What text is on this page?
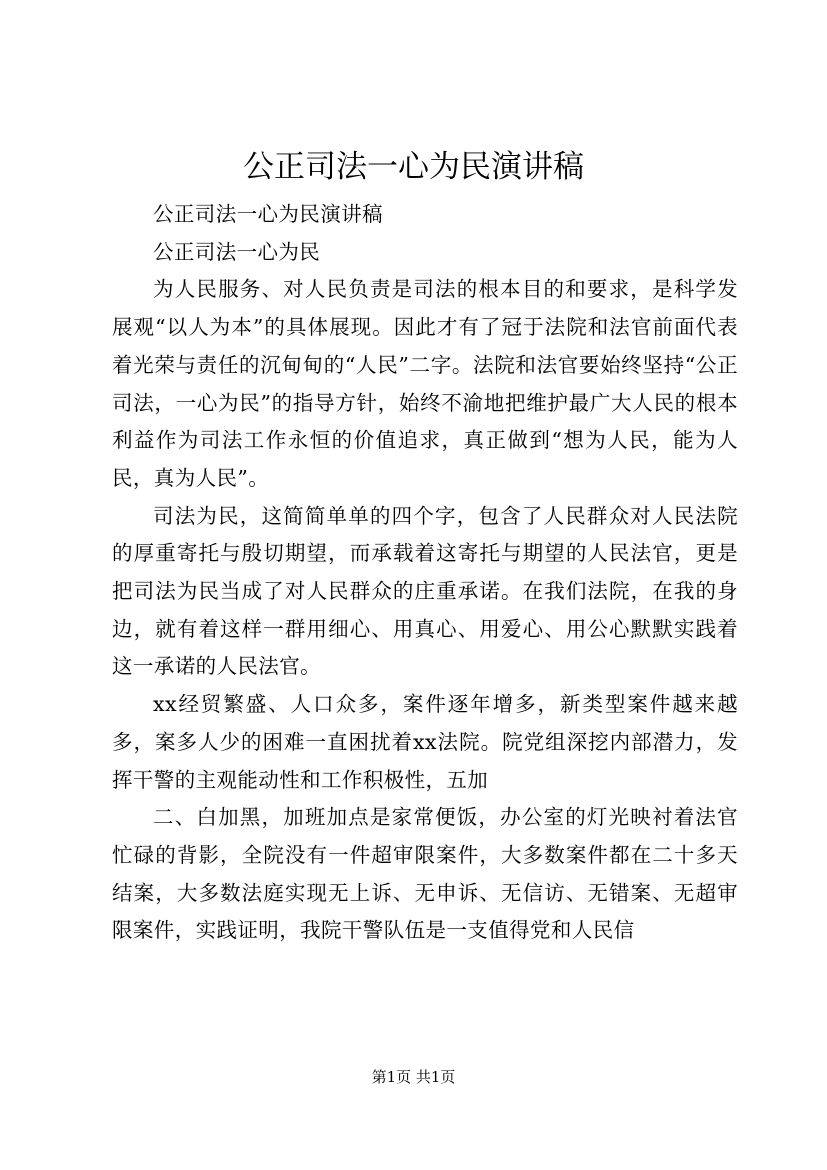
公正司法一心为民演讲稿

公正司法一心为民演讲稿

公正司法一心为民

为人民服务、对人民负责是司法的根本目的和要求，是科学发展观“以人为本”的具体展现。因此才有了冠于法院和法官前面代表着光荣与责任的沉甸甸的“人民”二字。法院和法官要始终坚持“公正司法，一心为民”的指导方针，始终不渝地把维护最广大人民的根本利益作为司法工作永恒的价值追求，真正做到“想为人民，能为人民，真为人民”。

司法为民，这简简单单的四个字，包含了人民群众对人民法院的厚重寄托与殷切期望，而承载着这寄托与期望的人民法官，更是把司法为民当成了对人民群众的庄重承诺。在我们法院，在我的身边，就有着这样一群用细心、用真心、用爱心、用公心默默实践着这一承诺的人民法官。

xx经贸繁盛、人口众多，案件逐年增多，新类型案件越来越多，案多人少的困难一直困扰着xx法院。院党组深挖内部潜力，发挥干警的主观能动性和工作积极性，五加

二、白加黑，加班加点是家常便饭，办公室的灯光映衬着法官忙碌的背影，全院没有一件超审限案件，大多数案件都在二十多天结案，大多数法庭实现无上诉、无申诉、无信访、无错案、无超审限案件，实践证明，我院干警队伍是一支值得党和人民信

第1页 共1页
